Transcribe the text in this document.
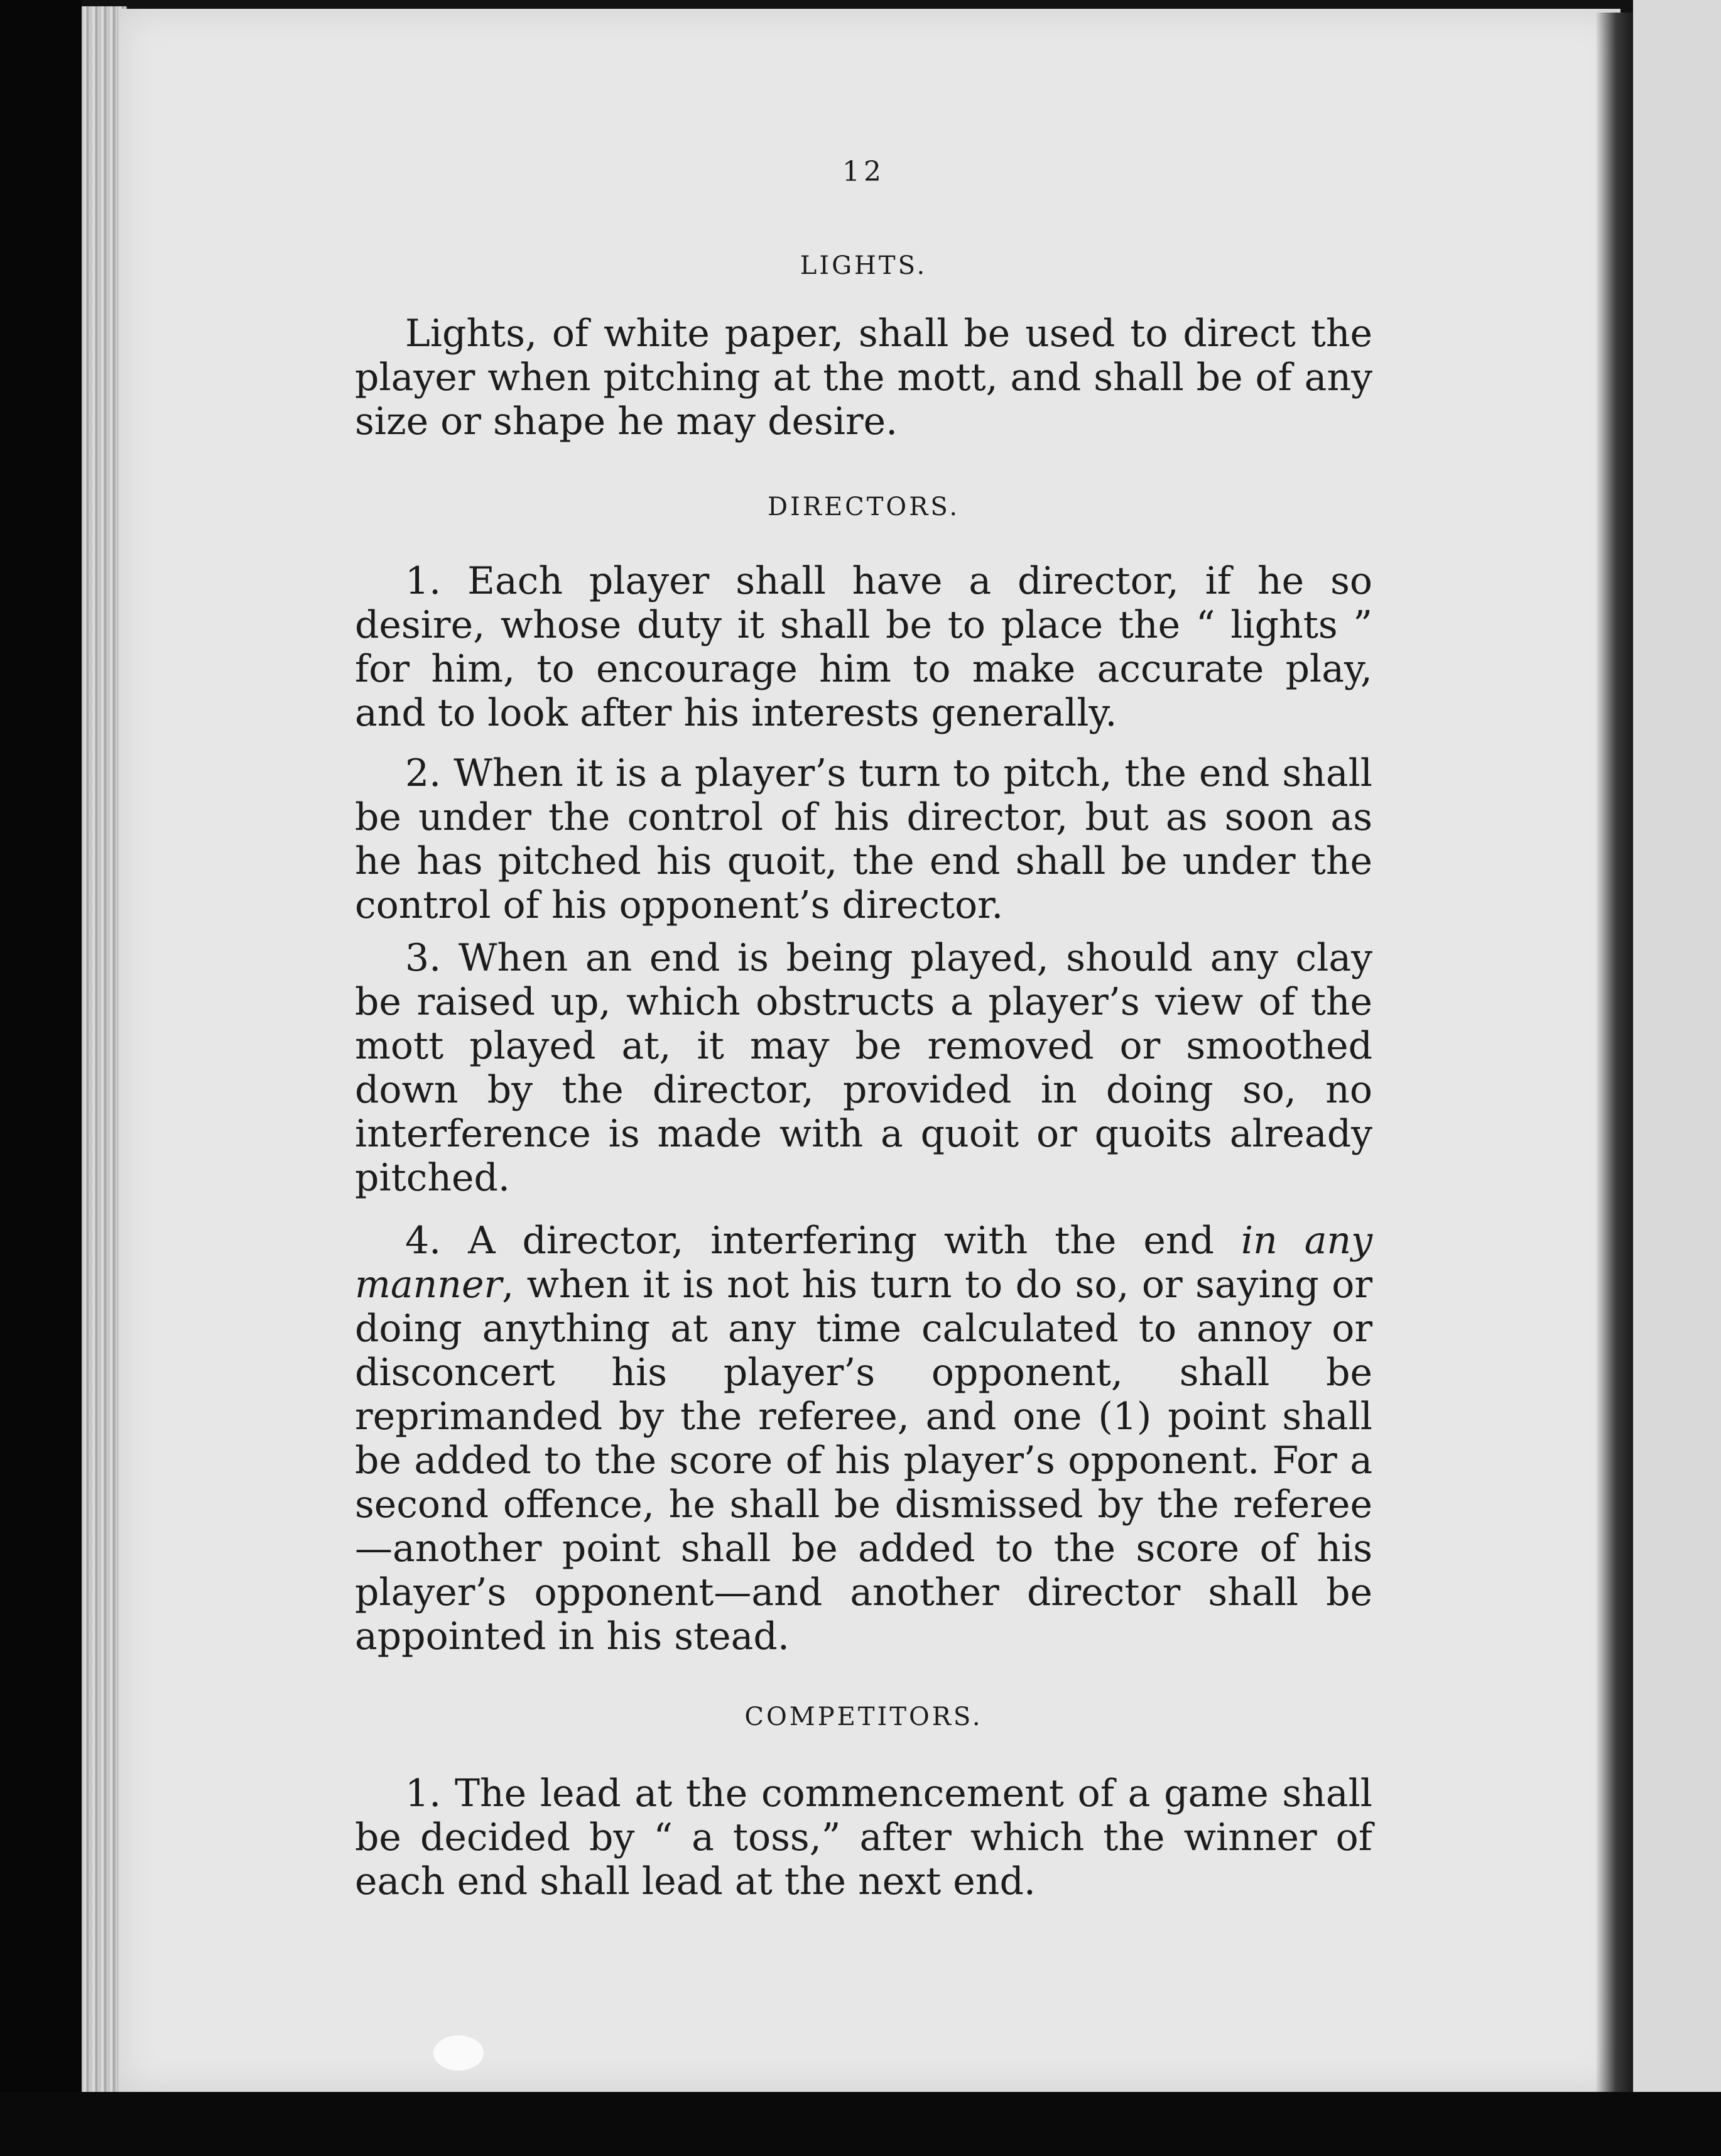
12
LIGHTS.

Lights, of white paper, shall be used to direct the player when pitching at the mott, and shall be of any size or shape he may desire.

DIRECTORS.

1. Each player shall have a director, if he so desire, whose duty it shall be to place the “ lights ” for him, to encourage him to make accurate play, and to look after his interests generally.

2. When it is a player’s turn to pitch, the end shall be under the control of his director, but as soon as he has pitched his quoit, the end shall be under the control of his opponent’s director.

3. When an end is being played, should any clay be raised up, which obstructs a player’s view of the mott played at, it may be removed or smoothed down by the director, provided in doing so, no interference is made with a quoit or quoits already pitched.

4. A director, interfering with the end in any manner, when it is not his turn to do so, or saying or doing anything at any time calculated to annoy or disconcert his player’s opponent, shall be reprimanded by the referee, and one (1) point shall be added to the score of his player’s opponent. For a second offence, he shall be dismissed by the referee—another point shall be added to the score of his player’s opponent—and another director shall be appointed in his stead.

COMPETITORS.

1. The lead at the commencement of a game shall be decided by “ a toss,” after which the winner of each end shall lead at the next end.
